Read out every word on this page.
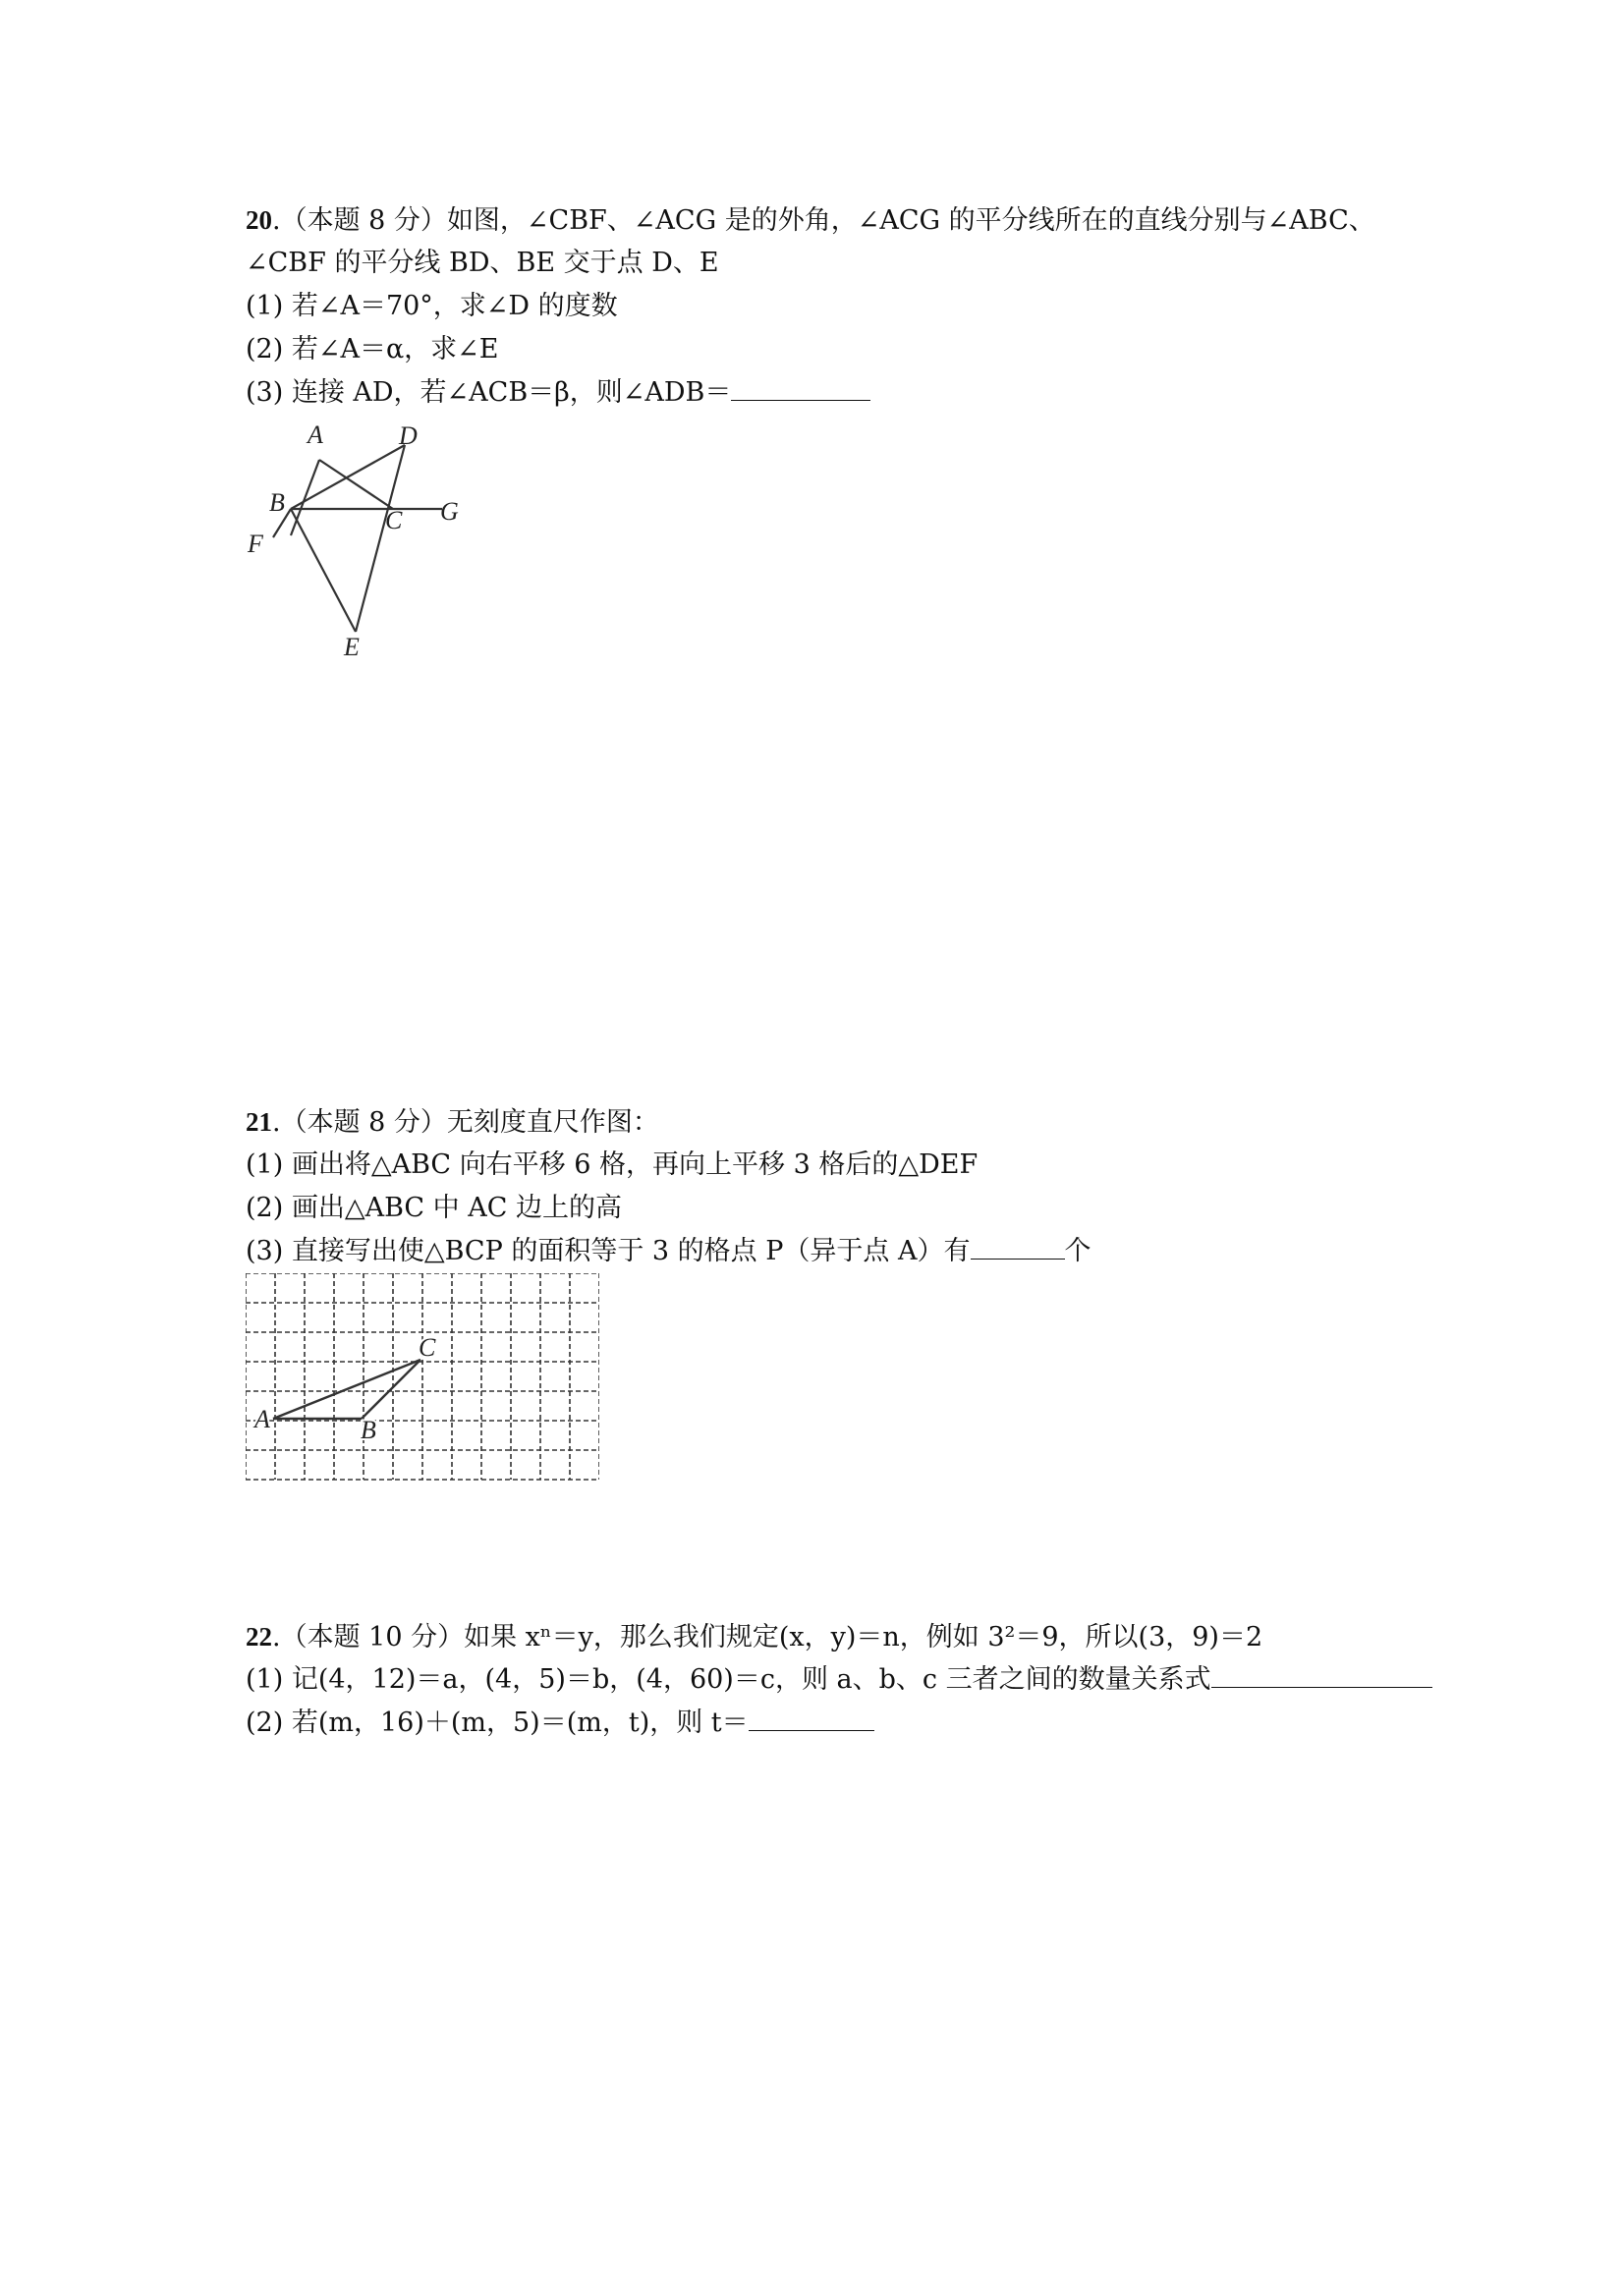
20.（本题 8 分）如图，∠CBF、∠ACG 是的外角，∠ACG 的平分线所在的直线分别与∠ABC、
∠CBF 的平分线 BD、BE 交于点 D、E
(1) 若∠A＝70°，求∠D 的度数
(2) 若∠A＝α，求∠E
(3) 连接 AD，若∠ACB＝β，则∠ADB＝
A	D
B
C G
F
E
21.（本题 8 分）无刻度直尺作图：
(1) 画出将△ABC 向右平移 6 格，再向上平移 3 格后的△DEF
(2) 画出△ABC 中 AC 边上的高
(3) 直接写出使△BCP 的面积等于 3 的格点 P（异于点 A）有	个
A	B
C
22.（本题 10 分）如果 xⁿ＝y，那么我们规定(x，y)＝n，例如 3²＝9，所以(3，9)＝2
(1) 记(4，12)＝a，(4，5)＝b，(4，60)＝c，则 a、b、c 三者之间的数量关系式
(2) 若(m，16)＋(m，5)＝(m，t)，则 t＝
